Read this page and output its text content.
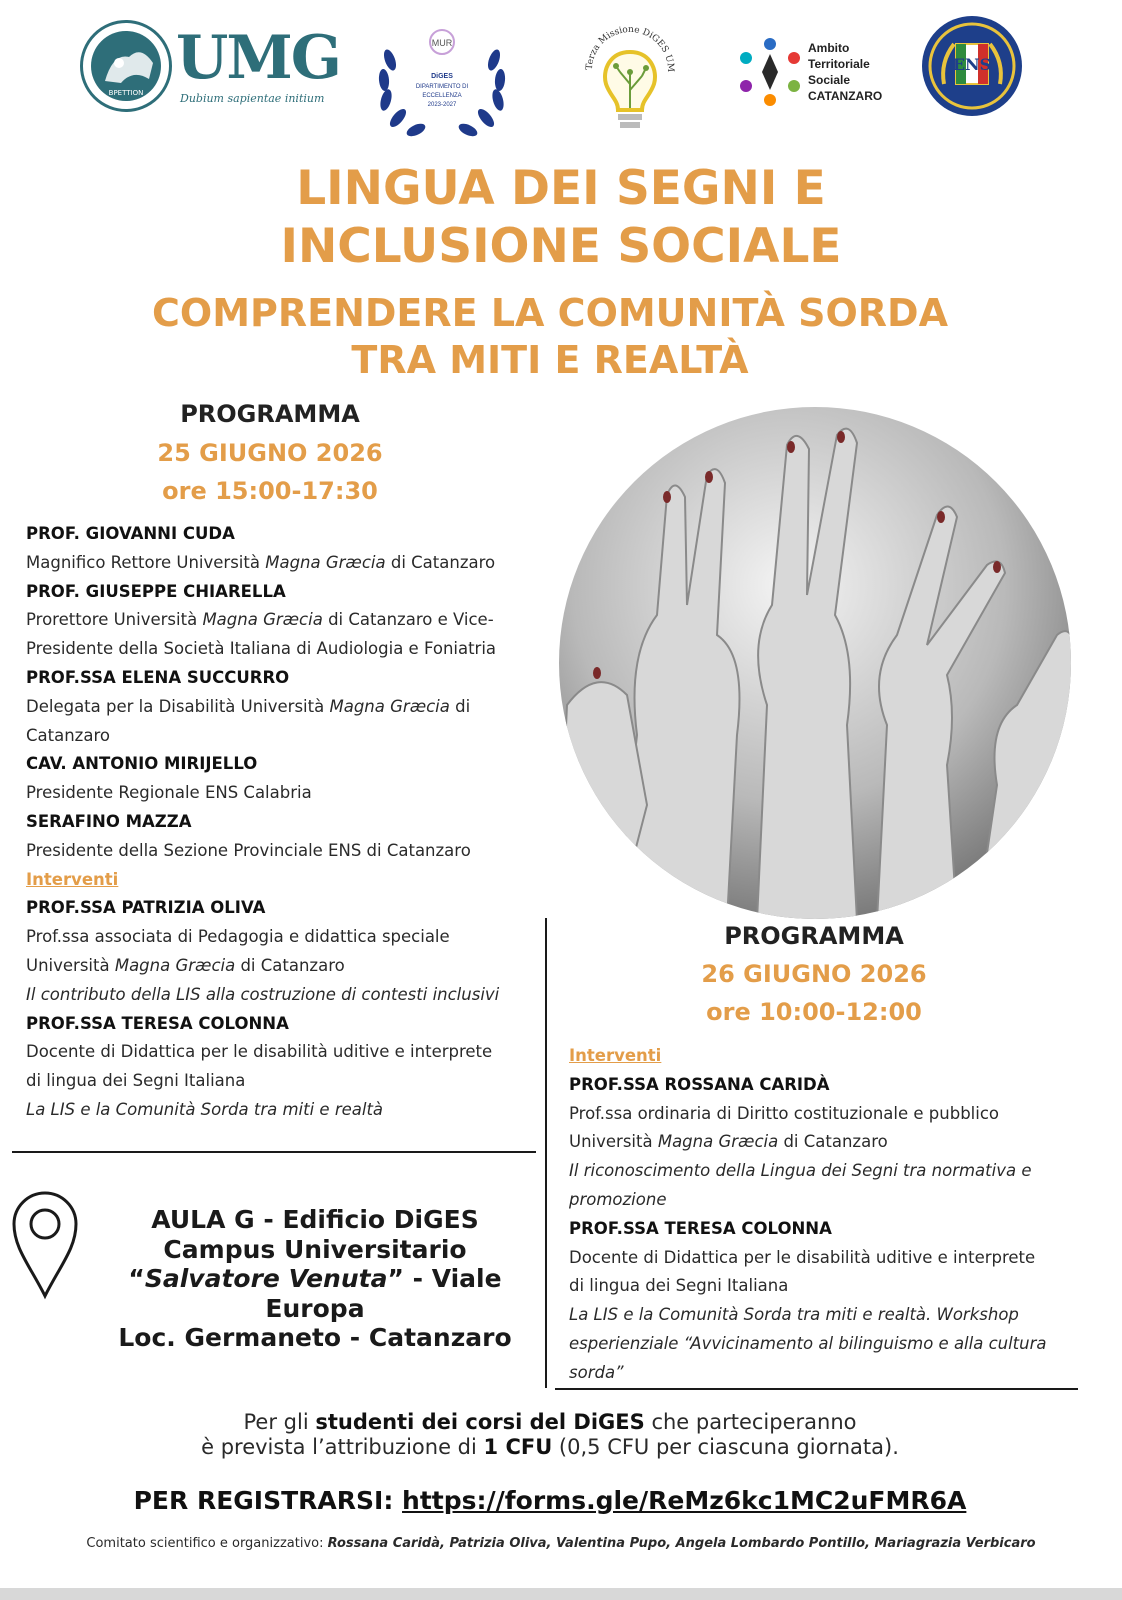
BPETTION UMG
Dubium sapientae initium
MUR
DiGES
DIPARTIMENTO DI
ECCELLENZA
2023-2027
Terza Missione DiGES UM
Ambito
Territoriale
Sociale
CATANZARO
ENS
LINGUA DEI SEGNI E
INCLUSIONE SOCIALE
COMPRENDERE LA COMUNITÀ SORDA
TRA MITI E REALTÀ
PROGRAMMA
25 GIUGNO 2026
ore 15:00-17:30
PROF. GIOVANNI CUDA
Magnifico Rettore Università Magna Græcia di Catanzaro
PROF. GIUSEPPE CHIARELLA
Prorettore Università Magna Græcia di Catanzaro e Vice-
Presidente della Società Italiana di Audiologia e Foniatria
PROF.SSA ELENA SUCCURRO
Delegata per la Disabilità Università Magna Græcia di
Catanzaro
CAV. ANTONIO MIRIJELLO
Presidente Regionale ENS Calabria
SERAFINO MAZZA
Presidente della Sezione Provinciale ENS di Catanzaro
Interventi
PROF.SSA PATRIZIA OLIVA
Prof.ssa associata di Pedagogia e didattica speciale
Università Magna Græcia di Catanzaro
Il contributo della LIS alla costruzione di contesti inclusivi
PROF.SSA TERESA COLONNA
Docente di Didattica per le disabilità uditive e interprete
di lingua dei Segni Italiana
La LIS e la Comunità Sorda tra miti e realtà
PROGRAMMA
26 GIUGNO 2026
ore 10:00-12:00
Interventi
PROF.SSA ROSSANA CARIDÀ
Prof.ssa ordinaria di Diritto costituzionale e pubblico
Università Magna Græcia di Catanzaro
Il riconoscimento della Lingua dei Segni tra normativa e
promozione
PROF.SSA TERESA COLONNA
Docente di Didattica per le disabilità uditive e interprete
di lingua dei Segni Italiana
La LIS e la Comunità Sorda tra miti e realtà. Workshop
esperienziale “Avvicinamento al bilinguismo e alla cultura
sorda”
AULA G - Edificio DiGES
Campus Universitario
“Salvatore Venuta” - Viale Europa
Loc. Germaneto - Catanzaro
Per gli studenti dei corsi del DiGES che parteciperanno
è prevista l’attribuzione di 1 CFU (0,5 CFU per ciascuna giornata).
PER REGISTRARSI: https://forms.gle/ReMz6kc1MC2uFMR6A
Comitato scientifico e organizzativo: Rossana Caridà, Patrizia Oliva, Valentina Pupo, Angela Lombardo Pontillo, Mariagrazia Verbicaro
